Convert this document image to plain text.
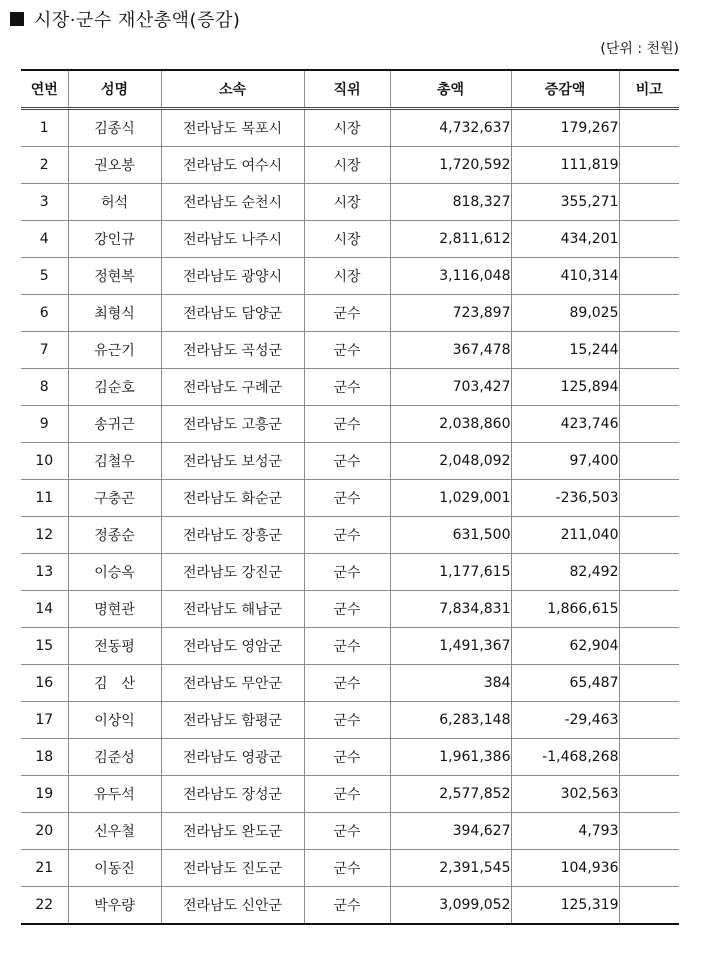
시장·군수 재산총액(증감)
(단위 : 천원)
연번	성명	소속	직위	총액	증감액	비고
1	김종식	전라남도 목포시	시장	4,732,637	179,267	
2	권오봉	전라남도 여수시	시장	1,720,592	111,819	
3	허석	전라남도 순천시	시장	818,327	355,271	
4	강인규	전라남도 나주시	시장	2,811,612	434,201	
5	정현복	전라남도 광양시	시장	3,116,048	410,314	
6	최형식	전라남도 담양군	군수	723,897	89,025	
7	유근기	전라남도 곡성군	군수	367,478	15,244	
8	김순호	전라남도 구례군	군수	703,427	125,894	
9	송귀근	전라남도 고흥군	군수	2,038,860	423,746	
10	김철우	전라남도 보성군	군수	2,048,092	97,400	
11	구충곤	전라남도 화순군	군수	1,029,001	-236,503	
12	정종순	전라남도 장흥군	군수	631,500	211,040	
13	이승옥	전라남도 강진군	군수	1,177,615	82,492	
14	명현관	전라남도 해남군	군수	7,834,831	1,866,615	
15	전동평	전라남도 영암군	군수	1,491,367	62,904	
16	김　산	전라남도 무안군	군수	384	65,487	
17	이상익	전라남도 함평군	군수	6,283,148	-29,463	
18	김준성	전라남도 영광군	군수	1,961,386	-1,468,268	
19	유두석	전라남도 장성군	군수	2,577,852	302,563	
20	신우철	전라남도 완도군	군수	394,627	4,793	
21	이동진	전라남도 진도군	군수	2,391,545	104,936	
22	박우량	전라남도 신안군	군수	3,099,052	125,319	
